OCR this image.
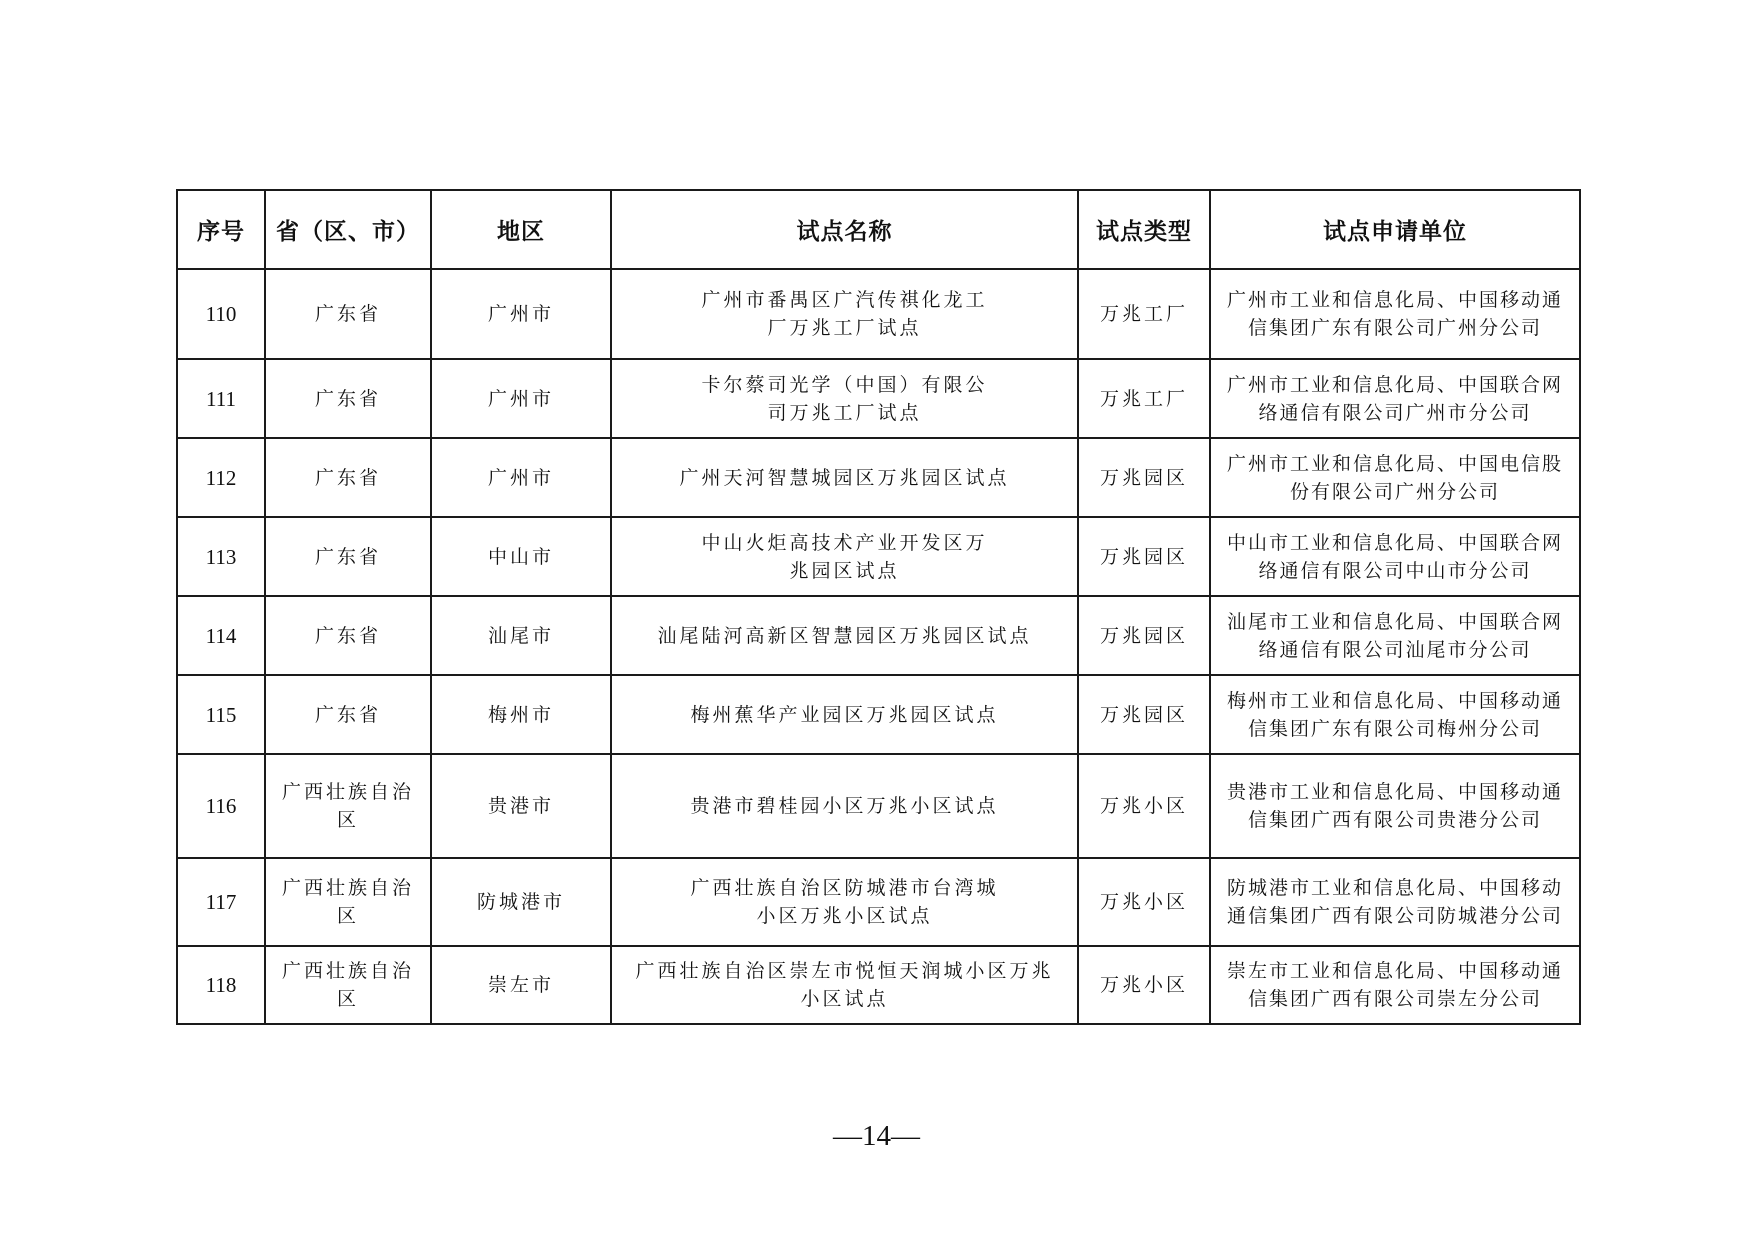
序号	省（区、市）	地区	试点名称	试点类型	试点申请单位
110	广东省	广州市	广州市番禺区广汽传祺化龙工厂万兆工厂试点	万兆工厂	广州市工业和信息化局、中国移动通信集团广东有限公司广州分公司
111	广东省	广州市	卡尔蔡司光学（中国）有限公司万兆工厂试点	万兆工厂	广州市工业和信息化局、中国联合网络通信有限公司广州市分公司
112	广东省	广州市	广州天河智慧城园区万兆园区试点	万兆园区	广州市工业和信息化局、中国电信股份有限公司广州分公司
113	广东省	中山市	中山火炬高技术产业开发区万兆园区试点	万兆园区	中山市工业和信息化局、中国联合网络通信有限公司中山市分公司
114	广东省	汕尾市	汕尾陆河高新区智慧园区万兆园区试点	万兆园区	汕尾市工业和信息化局、中国联合网络通信有限公司汕尾市分公司
115	广东省	梅州市	梅州蕉华产业园区万兆园区试点	万兆园区	梅州市工业和信息化局、中国移动通信集团广东有限公司梅州分公司
116	广西壮族自治区	贵港市	贵港市碧桂园小区万兆小区试点	万兆小区	贵港市工业和信息化局、中国移动通信集团广西有限公司贵港分公司
117	广西壮族自治区	防城港市	广西壮族自治区防城港市台湾城小区万兆小区试点	万兆小区	防城港市工业和信息化局、中国移动通信集团广西有限公司防城港分公司
118	广西壮族自治区	崇左市	广西壮族自治区崇左市悦恒天润城小区万兆小区试点	万兆小区	崇左市工业和信息化局、中国移动通信集团广西有限公司崇左分公司
—14—
